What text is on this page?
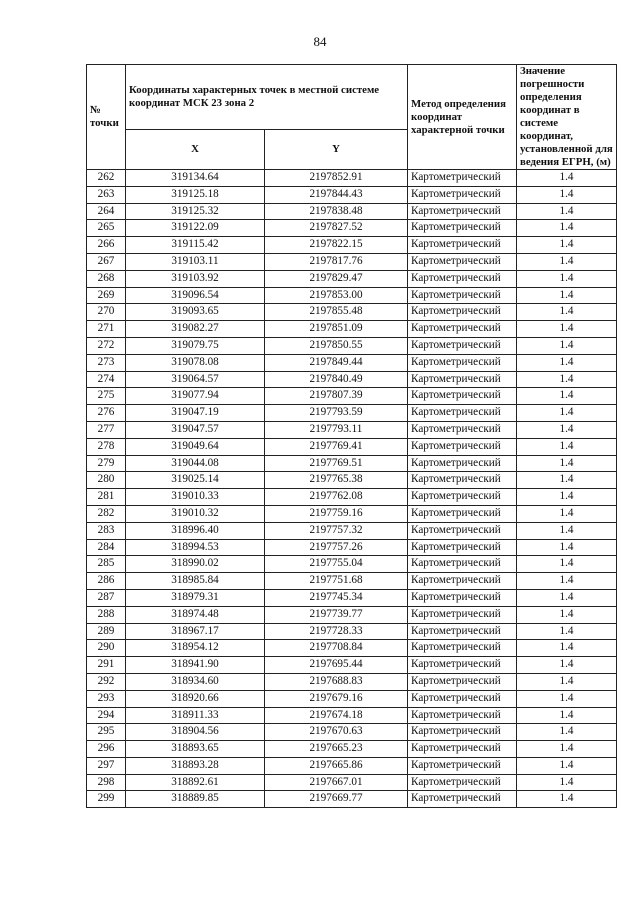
84
№ точки	Координаты характерных точек в местной системе координат МСК 23 зона 2		Метод определения координат характерной точки	Значение погрешности определения координат в системе координат, установленной для ведения ЕГРН, (м)
	X	Y		
262	319134.64	2197852.91	Картометрический	1.4
263	319125.18	2197844.43	Картометрический	1.4
264	319125.32	2197838.48	Картометрический	1.4
265	319122.09	2197827.52	Картометрический	1.4
266	319115.42	2197822.15	Картометрический	1.4
267	319103.11	2197817.76	Картометрический	1.4
268	319103.92	2197829.47	Картометрический	1.4
269	319096.54	2197853.00	Картометрический	1.4
270	319093.65	2197855.48	Картометрический	1.4
271	319082.27	2197851.09	Картометрический	1.4
272	319079.75	2197850.55	Картометрический	1.4
273	319078.08	2197849.44	Картометрический	1.4
274	319064.57	2197840.49	Картометрический	1.4
275	319077.94	2197807.39	Картометрический	1.4
276	319047.19	2197793.59	Картометрический	1.4
277	319047.57	2197793.11	Картометрический	1.4
278	319049.64	2197769.41	Картометрический	1.4
279	319044.08	2197769.51	Картометрический	1.4
280	319025.14	2197765.38	Картометрический	1.4
281	319010.33	2197762.08	Картометрический	1.4
282	319010.32	2197759.16	Картометрический	1.4
283	318996.40	2197757.32	Картометрический	1.4
284	318994.53	2197757.26	Картометрический	1.4
285	318990.02	2197755.04	Картометрический	1.4
286	318985.84	2197751.68	Картометрический	1.4
287	318979.31	2197745.34	Картометрический	1.4
288	318974.48	2197739.77	Картометрический	1.4
289	318967.17	2197728.33	Картометрический	1.4
290	318954.12	2197708.84	Картометрический	1.4
291	318941.90	2197695.44	Картометрический	1.4
292	318934.60	2197688.83	Картометрический	1.4
293	318920.66	2197679.16	Картометрический	1.4
294	318911.33	2197674.18	Картометрический	1.4
295	318904.56	2197670.63	Картометрический	1.4
296	318893.65	2197665.23	Картометрический	1.4
297	318893.28	2197665.86	Картометрический	1.4
298	318892.61	2197667.01	Картометрический	1.4
299	318889.85	2197669.77	Картометрический	1.4
